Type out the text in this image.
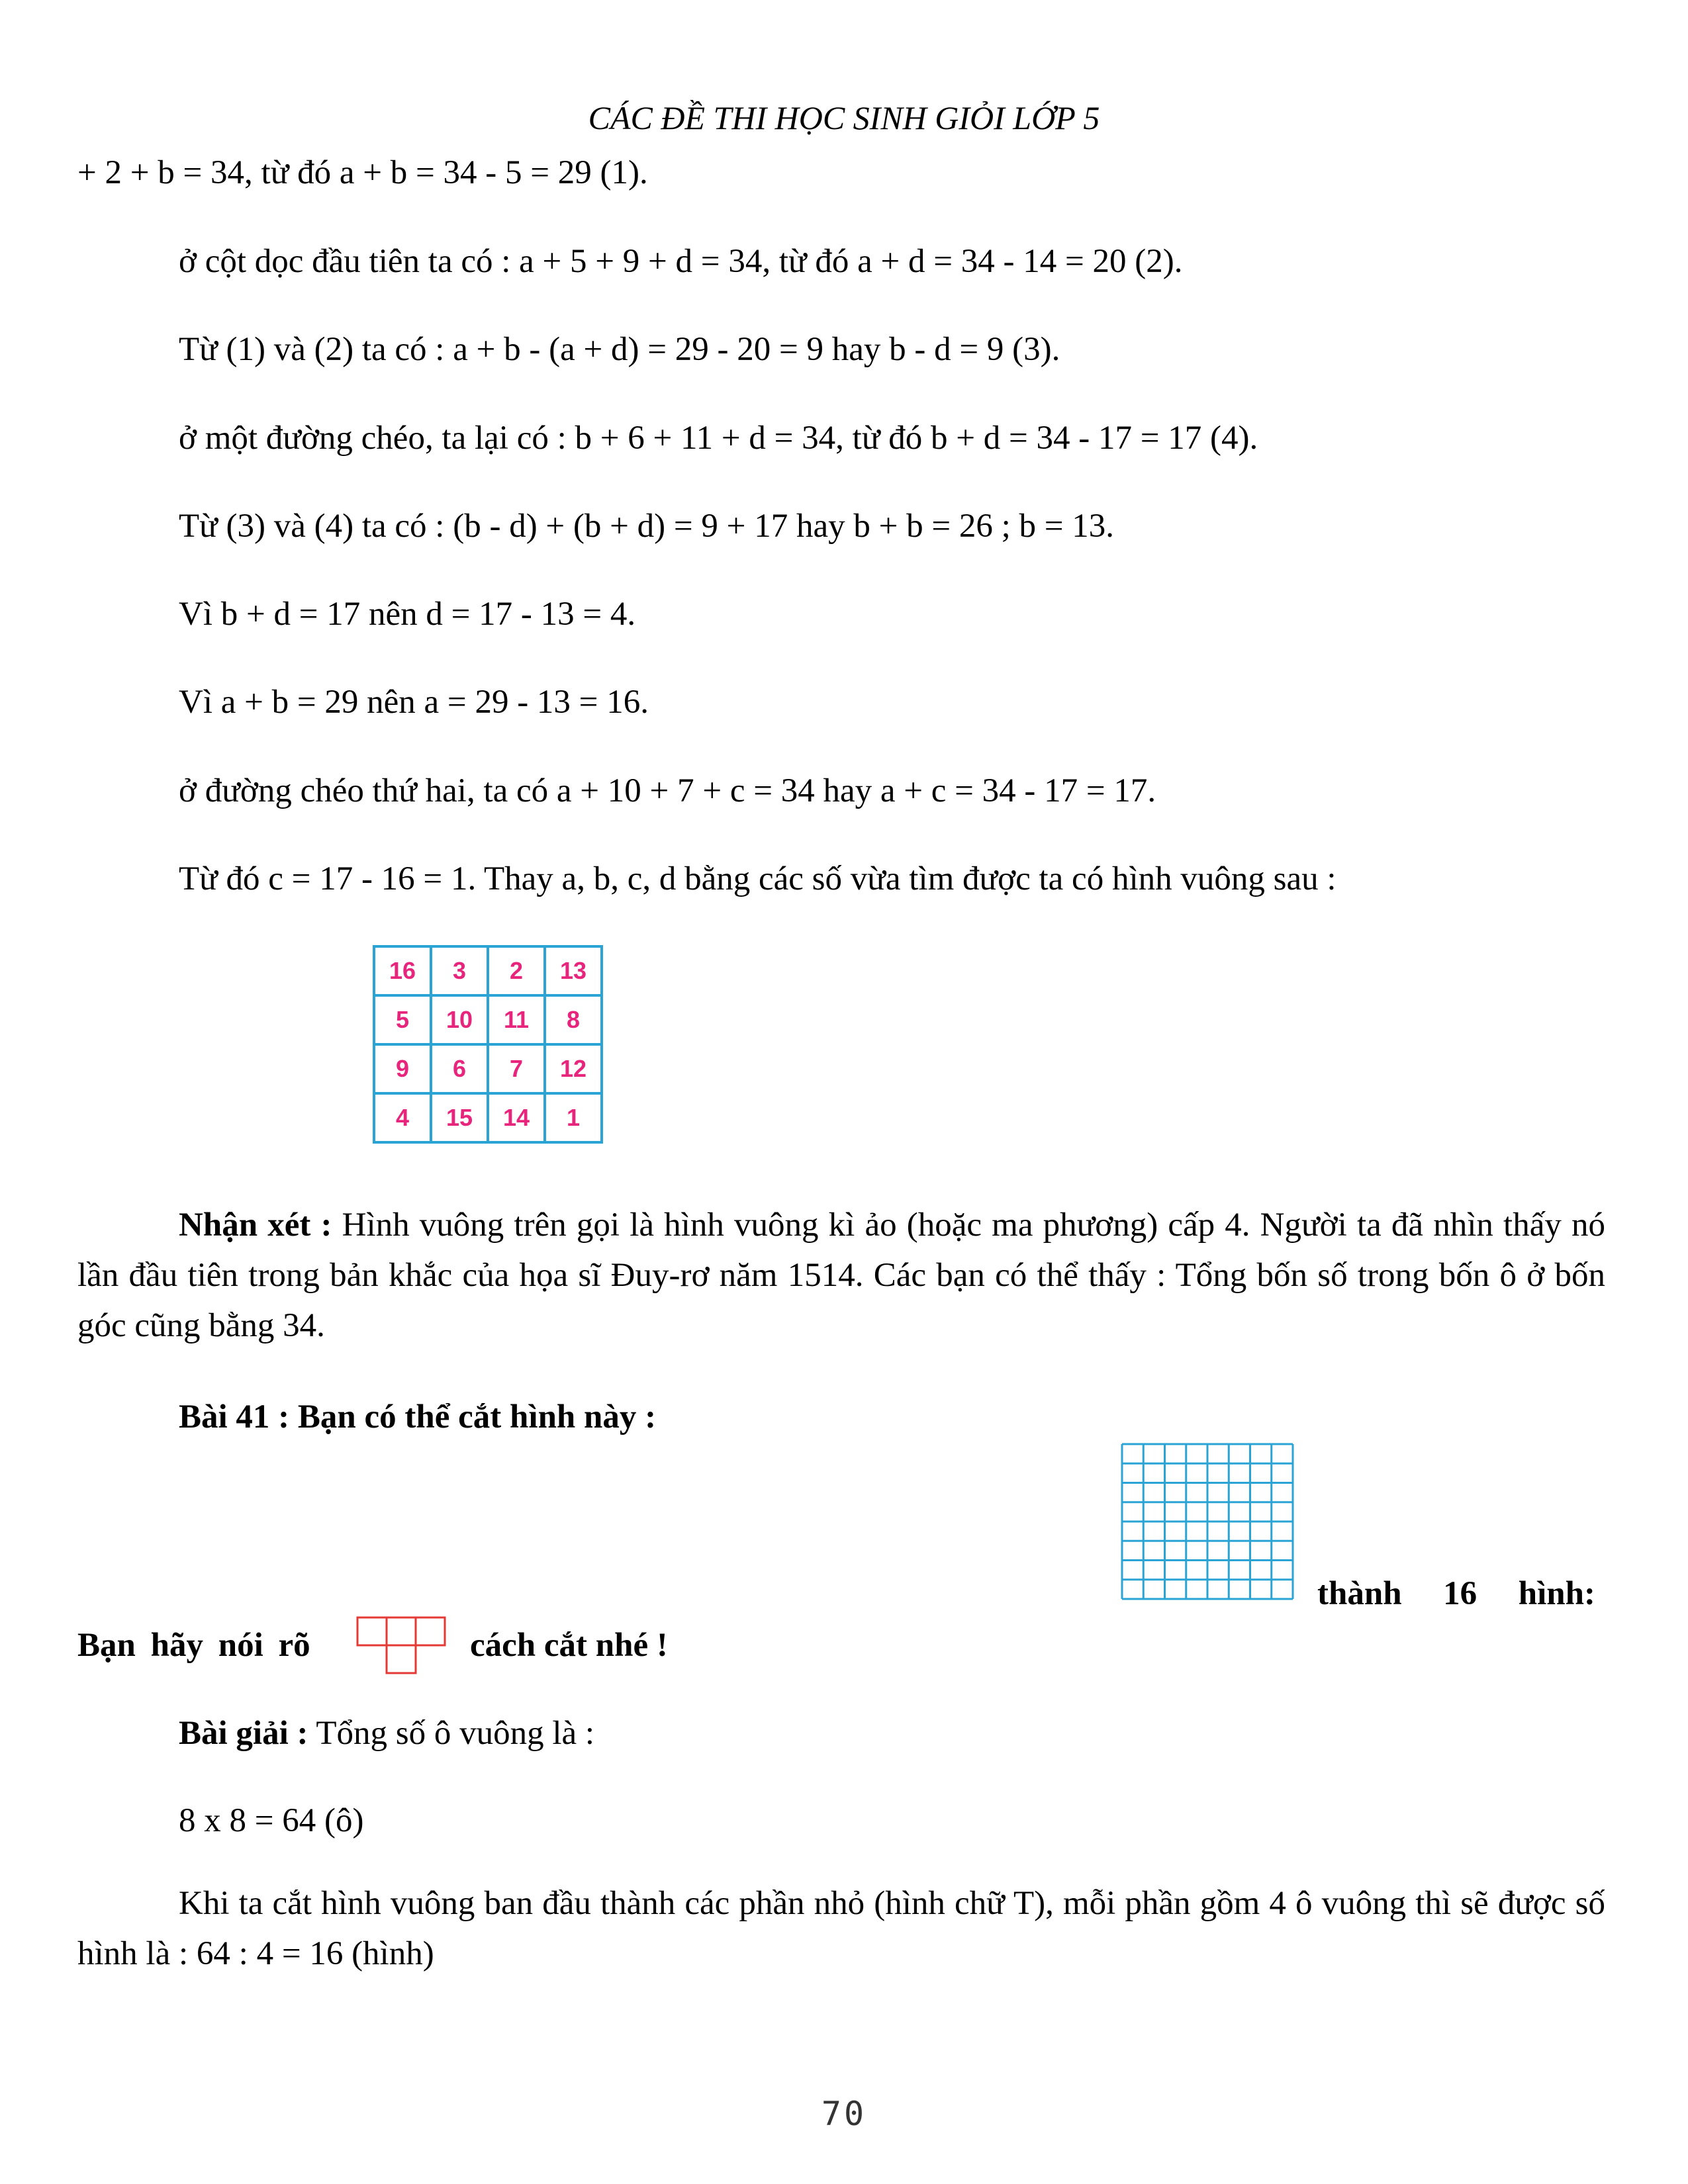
CÁC ĐỀ THI HỌC SINH GIỎI LỚP 5
+ 2 + b = 34, từ đó a + b = 34 - 5 = 29 (1).
ở cột dọc đầu tiên ta có : a + 5 + 9 + d = 34, từ đó a + d = 34 - 14 = 20 (2).
Từ (1) và (2) ta có : a + b - (a + d) = 29 - 20 = 9 hay b - d = 9 (3).
ở một đường chéo, ta lại có : b + 6 + 11 + d = 34, từ đó b + d = 34 - 17 = 17 (4).
Từ (3) và (4) ta có : (b - d) + (b + d) = 9 + 17 hay b + b = 26 ; b = 13.
Vì b + d = 17 nên d = 17 - 13 = 4.
Vì a + b = 29 nên a = 29 - 13 = 16.
ở đường chéo thứ hai, ta có a + 10 + 7 + c = 34 hay a + c = 34 - 17 = 17.
Từ đó c = 17 - 16 = 1. Thay a, b, c, d bằng các số vừa tìm được ta có hình vuông sau :
16	3	2	13
5	10	11	8
9	6	7	12
4	15	14	1
Nhận xét : Hình vuông trên gọi là hình vuông kì ảo (hoặc ma phương) cấp 4. Người ta đã nhìn thấy nó lần đầu tiên trong bản khắc của họa sĩ Đuy-rơ năm 1514. Các bạn có thể thấy : Tổng bốn số trong bốn ô ở bốn góc cũng bằng 34.
Bài 41 : Bạn có thể cắt hình này :
thành 16 hình:
Bạn hãy nói rõ	cách cắt nhé !
Bài giải : Tổng số ô vuông là :
8 x 8 = 64 (ô)
Khi ta cắt hình vuông ban đầu thành các phần nhỏ (hình chữ T), mỗi phần gồm 4 ô vuông thì sẽ được số hình là : 64 : 4 = 16 (hình)
70
